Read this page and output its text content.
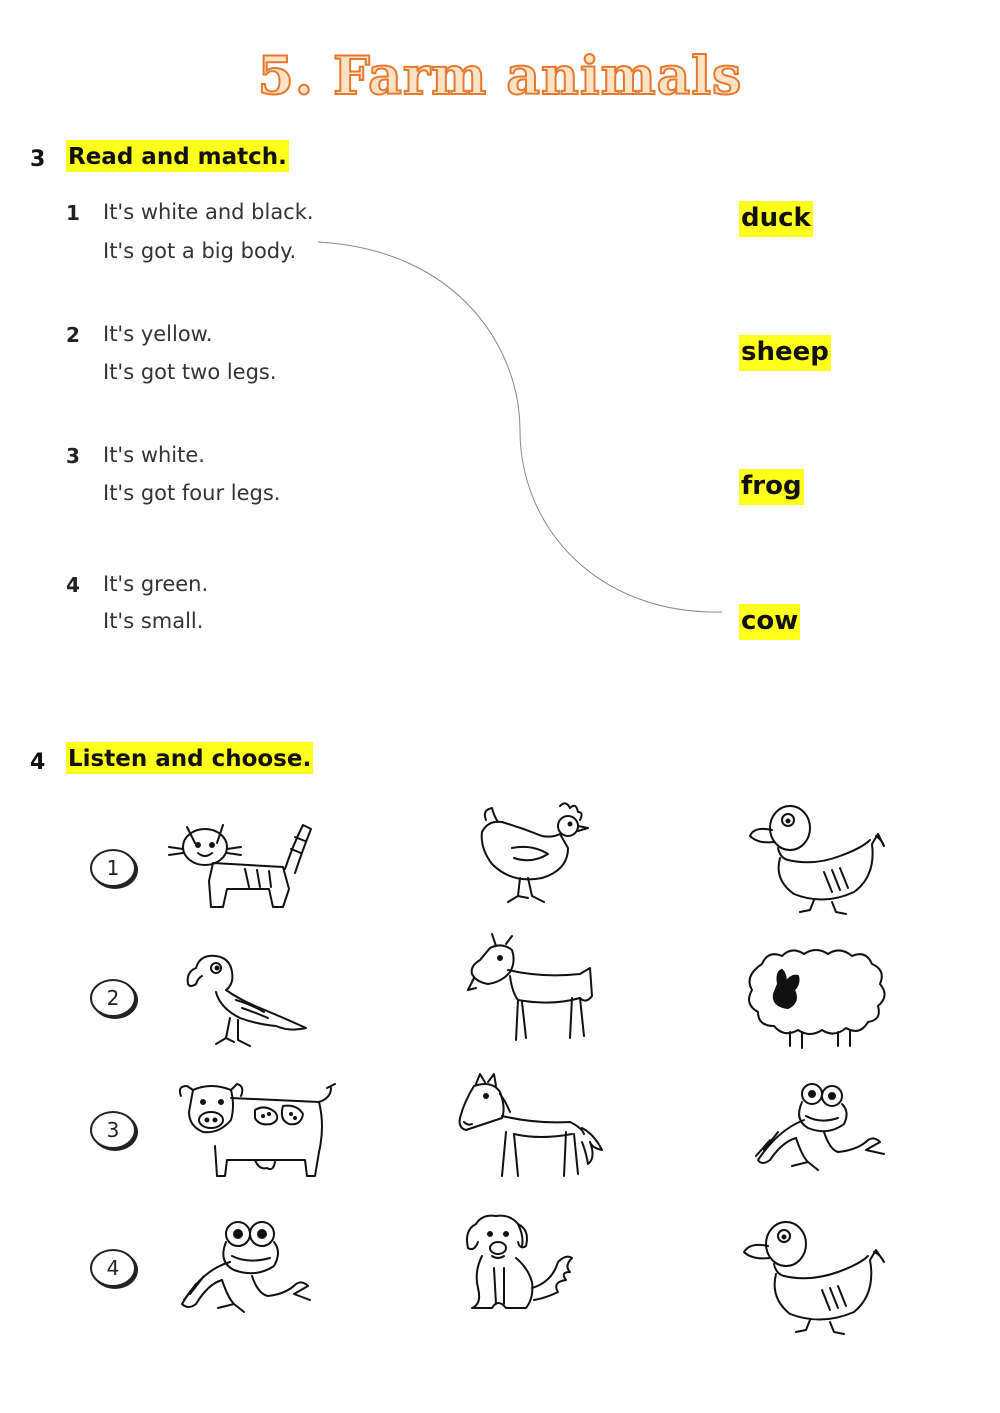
5. Farm animals
3 Read and match.
1 It's white and black.
It's got a big body.
2 It's yellow.
It's got two legs.
3 It's white.
It's got four legs.
4 It's green.
It's small.
duck
sheep
frog
cow
4 Listen and choose.
1
2
3
4
